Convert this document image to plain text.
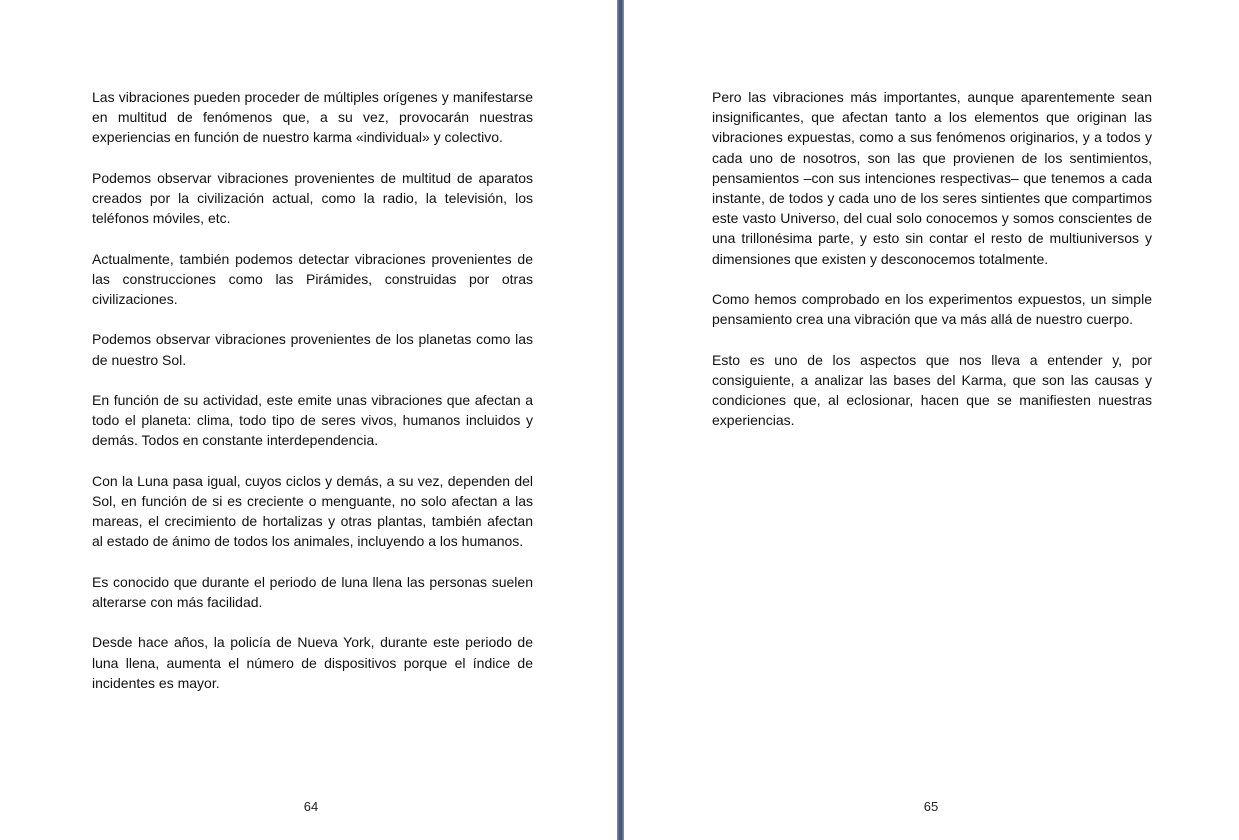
Las vibraciones pueden proceder de múltiples orígenes y manifestarse en multitud de fenómenos que, a su vez, provocarán nuestras experiencias en función de nuestro karma «individual» y colectivo.

Podemos observar vibraciones provenientes de multitud de aparatos creados por la civilización actual, como la radio, la televisión, los teléfonos móviles, etc.

Actualmente, también podemos detectar vibraciones provenientes de las construcciones como las Pirámides, construidas por otras civilizaciones.

Podemos observar vibraciones provenientes de los planetas como las de nuestro Sol.

En función de su actividad, este emite unas vibraciones que afectan a todo el planeta: clima, todo tipo de seres vivos, humanos incluidos y demás. Todos en constante interdependencia.

Con la Luna pasa igual, cuyos ciclos y demás, a su vez, dependen del Sol, en función de si es creciente o menguante, no solo afectan a las mareas, el crecimiento de hortalizas y otras plantas, también afectan al estado de ánimo de todos los animales, incluyendo a los humanos.

Es conocido que durante el periodo de luna llena las personas suelen alterarse con más facilidad.

Desde hace años, la policía de Nueva York, durante este periodo de luna llena, aumenta el número de dispositivos porque el índice de incidentes es mayor.

64

Pero las vibraciones más importantes, aunque aparentemente sean insignificantes, que afectan tanto a los elementos que originan las vibraciones expuestas, como a sus fenómenos originarios, y a todos y cada uno de nosotros, son las que provienen de los sentimientos, pensamientos –con sus intenciones respectivas– que tenemos a cada instante, de todos y cada uno de los seres sintientes que compartimos este vasto Universo, del cual solo conocemos y somos conscientes de una trillonésima parte, y esto sin contar el resto de multiuniversos y dimensiones que existen y desconocemos totalmente.

Como hemos comprobado en los experimentos expuestos, un simple pensamiento crea una vibración que va más allá de nuestro cuerpo.

Esto es uno de los aspectos que nos lleva a entender y, por consiguiente, a analizar las bases del Karma, que son las causas y condiciones que, al eclosionar, hacen que se manifiesten nuestras experiencias.

65
